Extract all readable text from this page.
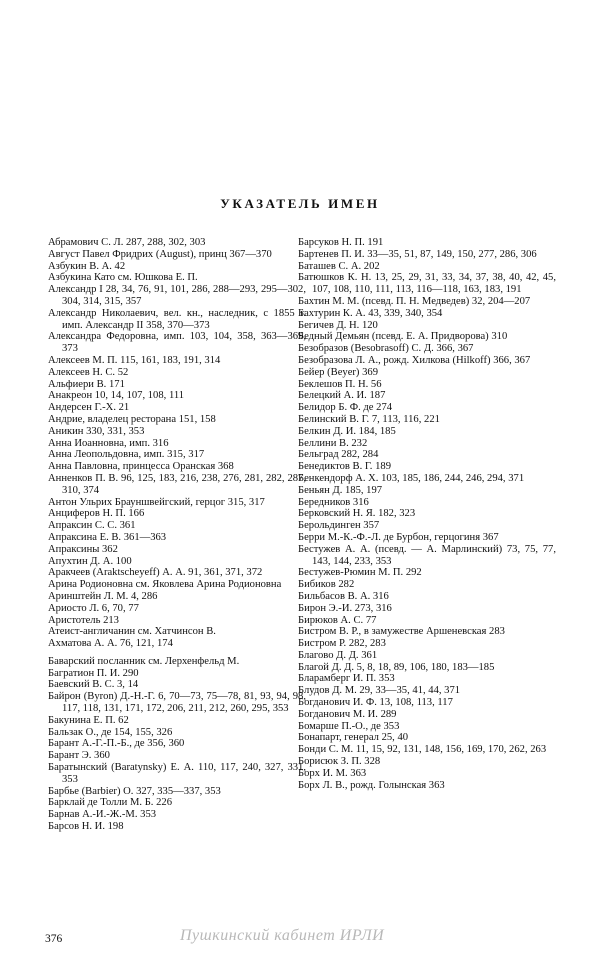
УКАЗАТЕЛЬ ИМЕН

Абрамович С. Л. 287, 288, 302, 303

Август Павел Фридрих (August), принц 367—370

Азбукин В. А. 42

Азбукина Като см. Юшкова Е. П.

Александр I 28, 34, 76, 91, 101, 286, 288—293, 295—302, 304, 314, 315, 357

Александр Николаевич, вел. кн., наследник, с 1855 г. имп. Александр II 358, 370—373

Александра Федоровна, имп. 103, 104, 358, 363—369, 373

Алексеев М. П. 115, 161, 183, 191, 314

Алексеев Н. С. 52

Альфиери В. 171

Анакреон 10, 14, 107, 108, 111

Андерсен Г.-Х. 21

Андрие, владелец ресторана 151, 158

Аникин 330, 331, 353

Анна Иоанновна, имп. 316

Анна Леопольдовна, имп. 315, 317

Анна Павловна, принцесса Оранская 368

Анненков П. В. 96, 125, 183, 216, 238, 276, 281, 282, 287, 310, 374

Антон Ульрих Брауншвейгский, герцог 315, 317

Анциферов Н. П. 166

Апраксин С. С. 361

Апраксина Е. В. 361—363

Апраксины 362

Апухтин Д. А. 100

Аракчеев (Araktscheyeff) А. А. 91, 361, 371, 372

Арина Родионовна см. Яковлева Арина Родионовна

Аринштейн Л. М. 4, 286

Ариосто Л. 6, 70, 77

Аристотель 213

Атеист-англичанин см. Хатчинсон В.

Ахматова А. А. 76, 121, 174

Баварский посланник см. Лерхенфельд М.

Багратион П. И. 290

Баевский В. С. 3, 14

Байрон (Byron) Д.-Н.-Г. 6, 70—73, 75—78, 81, 93, 94, 98, 117, 118, 131, 171, 172, 206, 211, 212, 260, 295, 353

Бакунина Е. П. 62

Бальзак О., де 154, 155, 326

Барант А.-Г.-П.-Б., де 356, 360

Барант Э. 360

Баратынский (Baratynsky) Е. А. 110, 117, 240, 327, 331, 353

Барбье (Barbier) О. 327, 335—337, 353

Барклай де Толли М. Б. 226

Барнав А.-И.-Ж.-М. 353

Барсов Н. И. 198

Барсуков Н. П. 191

Бартенев П. И. 33—35, 51, 87, 149, 150, 277, 286, 306

Баташев С. А. 202

Батюшков К. Н. 13, 25, 29, 31, 33, 34, 37, 38, 40, 42, 45, 107, 108, 110, 111, 113, 116—118, 163, 183, 191

Бахтин М. М. (псевд. П. Н. Медведев) 32, 204—207

Бахтурин К. А. 43, 339, 340, 354

Бегичев Д. Н. 120

Бедный Демьян (псевд. Е. А. Придворова) 310

Безобразов (Besobrasoff) С. Д. 366, 367

Безобразова Л. А., рожд. Хилкова (Hilkoff) 366, 367

Бейер (Beyer) 369

Беклешов П. Н. 56

Белецкий А. И. 187

Белидор Б. Ф. де 274

Белинский В. Г. 7, 113, 116, 221

Белкин Д. И. 184, 185

Беллини В. 232

Бельград 282, 284

Бенедиктов В. Г. 189

Бенкендорф А. Х. 103, 185, 186, 244, 246, 294, 371

Беньян Д. 185, 197

Бередников 316

Берковский Н. Я. 182, 323

Берольдинген 357

Берри М.-К.-Ф.-Л. де Бурбон, герцогиня 367

Бестужев А. А. (псевд. — А. Марлинский) 73, 75, 77, 143, 144, 233, 353

Бестужев-Рюмин М. П. 292

Бибиков 282

Бильбасов В. А. 316

Бирон Э.-И. 273, 316

Бирюков А. С. 77

Бистром В. Р., в замужестве Аршеневская 283

Бистром Р. 282, 283

Благово Д. Д. 361

Благой Д. Д. 5, 8, 18, 89, 106, 180, 183—185

Бларамберг И. П. 353

Блудов Д. М. 29, 33—35, 41, 44, 371

Богданович И. Ф. 13, 108, 113, 117

Богданович М. И. 289

Бомарше П.-О., де 353

Бонапарт, генерал 25, 40

Бонди С. М. 11, 15, 92, 131, 148, 156, 169, 170, 262, 263

Борисюк З. П. 328

Борх И. М. 363

Борх Л. В., рожд. Голынская 363

376	Пушкинский кабинет ИРЛИ
